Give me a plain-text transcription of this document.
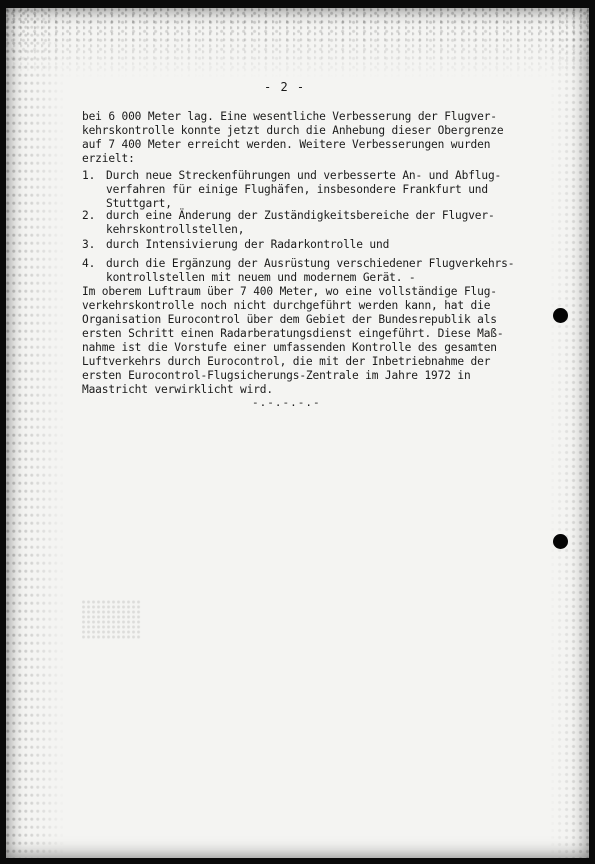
- 2 -
bei 6 000 Meter lag. Eine wesentliche Verbesserung der Flugver-
kehrskontrolle konnte jetzt durch die Anhebung dieser Obergrenze
auf 7 400 Meter erreicht werden. Weitere Verbesserungen wurden
erzielt:
1. Durch neue Streckenführungen und verbesserte An- und Abflug-
verfahren für einige Flughäfen, insbesondere Frankfurt und
Stuttgart,
2. durch eine Änderung der Zuständigkeitsbereiche der Flugver-
kehrskontrollstellen,
3. durch Intensivierung der Radarkontrolle und
4. durch die Ergänzung der Ausrüstung verschiedener Flugverkehrs-
kontrollstellen mit neuem und modernem Gerät. -
Im oberem Luftraum über 7 400 Meter, wo eine vollständige Flug-
verkehrskontrolle noch nicht durchgeführt werden kann, hat die
Organisation Eurocontrol über dem Gebiet der Bundesrepublik als
ersten Schritt einen Radarberatungsdienst eingeführt. Diese Maß-
nahme ist die Vorstufe einer umfassenden Kontrolle des gesamten
Luftverkehrs durch Eurocontrol, die mit der Inbetriebnahme der
ersten Eurocontrol-Flugsicherungs-Zentrale im Jahre 1972 in
Maastricht verwirklicht wird.
-.-.-.-.-
